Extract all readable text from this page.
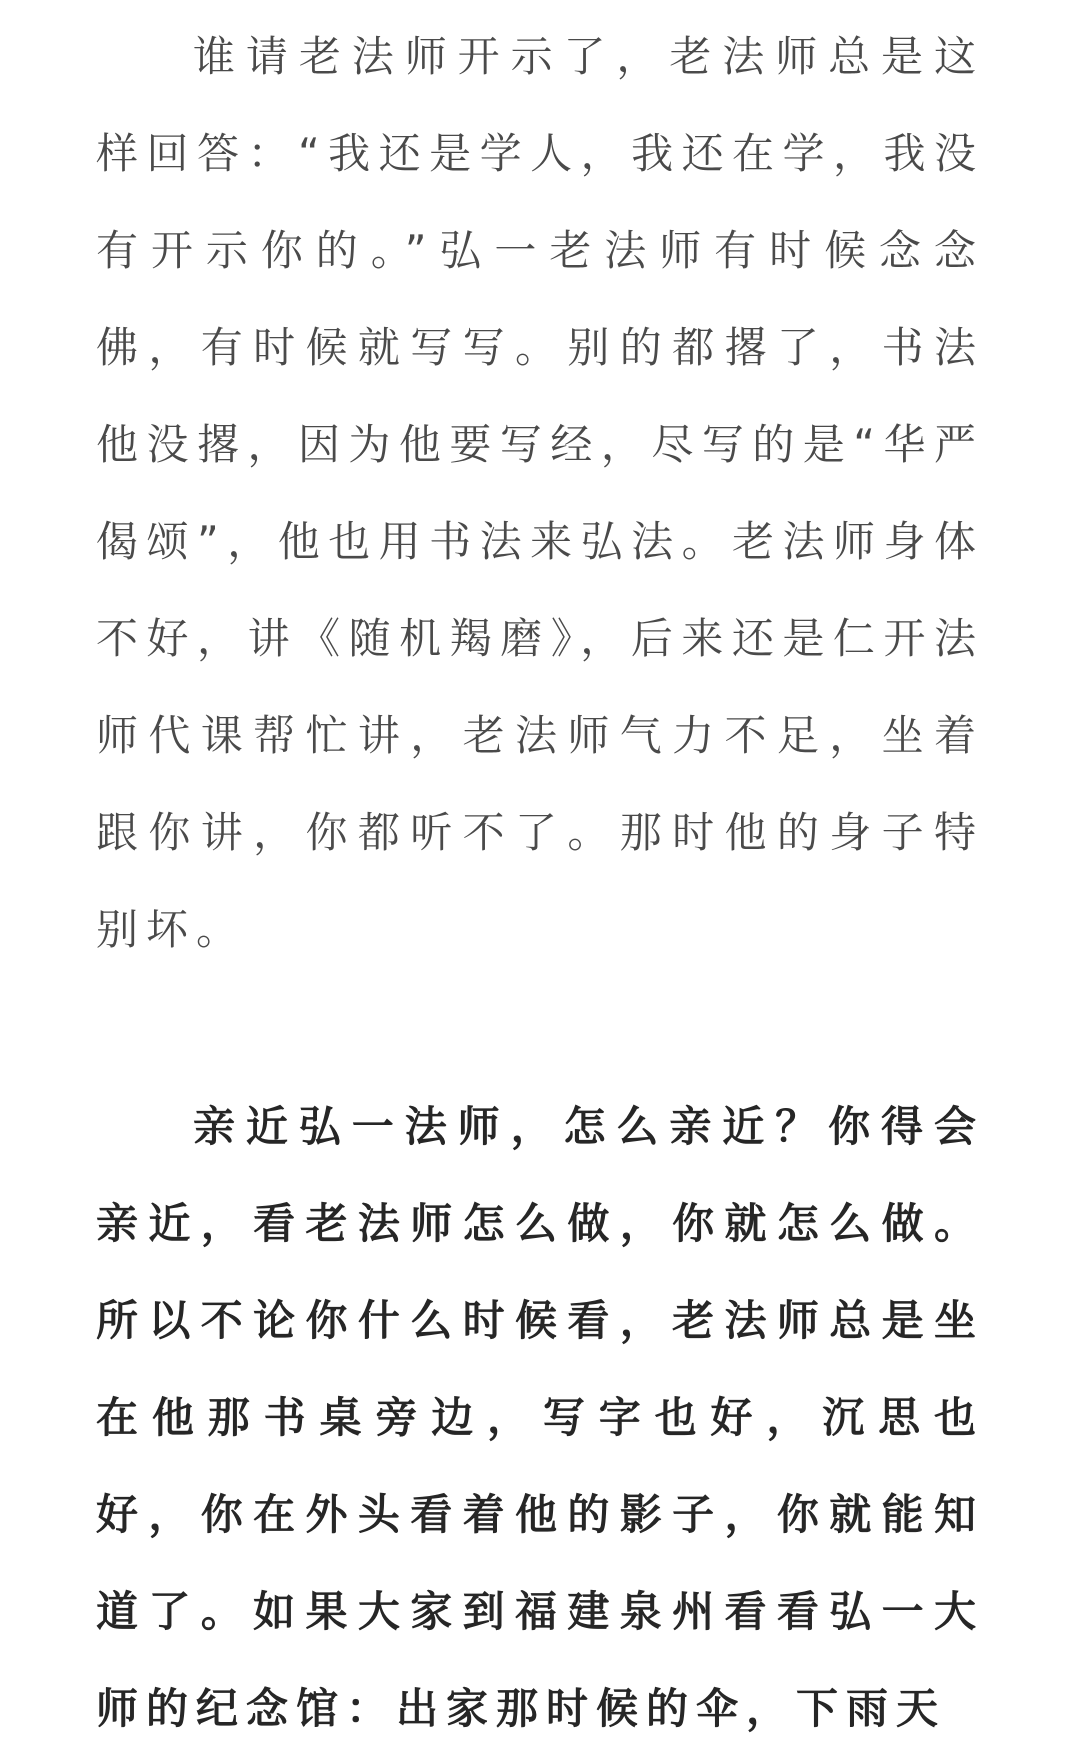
谁请老法师开示了，老法师总是这样回答：“我还是学人，我还在学，我没有开示你的。”弘一老法师有时候念念佛，有时候就写写。别的都撂了，书法他没撂，因为他要写经，尽写的是“华严偈颂”，他也用书法来弘法。老法师身体不好，讲《随机羯磨》，后来还是仁开法师代课帮忙讲，老法师气力不足，坐着跟你讲，你都听不了。那时他的身子特别坏。

亲近弘一法师，怎么亲近？你得会亲近，看老法师怎么做，你就怎么做。所以不论你什么时候看，老法师总是坐在他那书桌旁边，写字也好，沉思也好，你在外头看着他的影子，你就能知道了。如果大家到福建泉州看看弘一大师的纪念馆：出家那时候的伞，下雨天
